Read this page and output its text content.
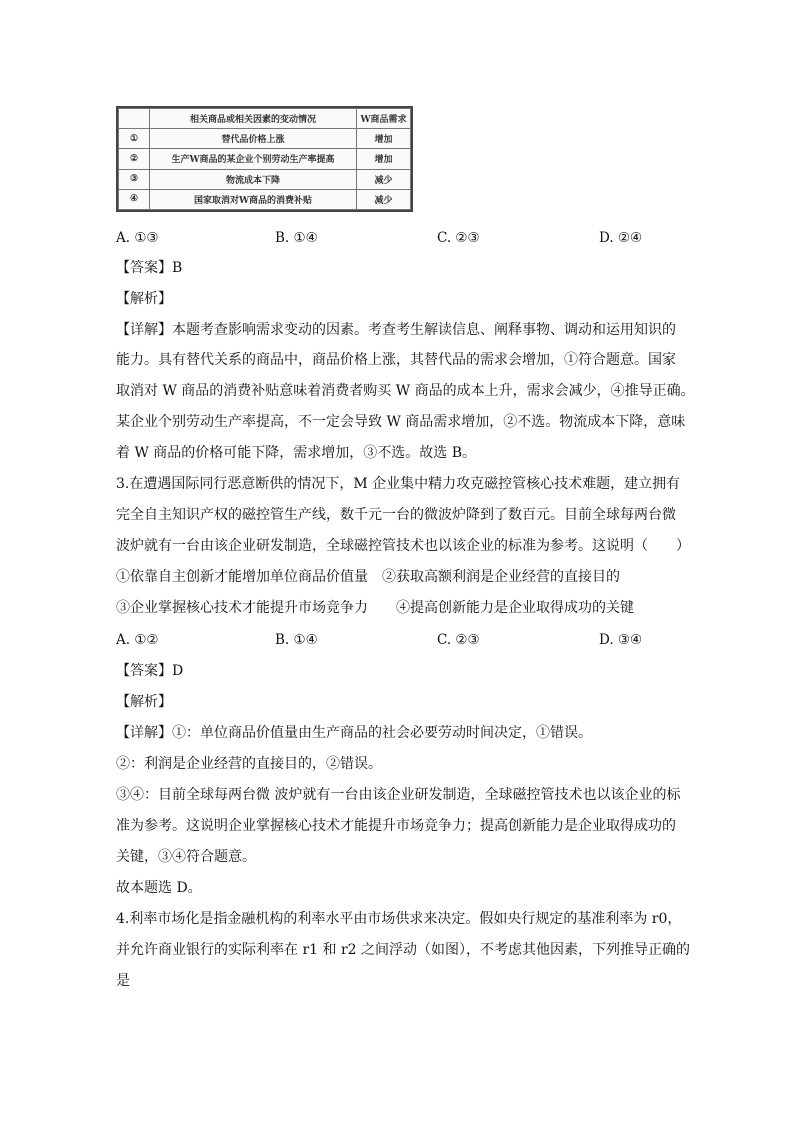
	相关商品或相关因素的变动情况	W商品需求
①	替代品价格上涨	增加
②	生产W商品的某企业个别劳动生产率提高	增加
③	物流成本下降	减少
④	国家取消对W商品的消费补贴	减少
A. ①③	B. ①④	C. ②③	D. ②④
【答案】B
【解析】
【详解】本题考查影响需求变动的因素。考查考生解读信息、阐释事物、调动和运用知识的
能力。具有替代关系的商品中，商品价格上涨，其替代品的需求会增加，①符合题意。国家
取消对 W 商品的消费补贴意味着消费者购买 W 商品的成本上升，需求会减少，④推导正确。
某企业个别劳动生产率提高，不一定会导致 W 商品需求增加，②不选。物流成本下降，意味
着 W 商品的价格可能下降，需求增加，③不选。故选 B。
3.在遭遇国际同行恶意断供的情况下，M 企业集中精力攻克磁控管核心技术难题，建立拥有
完全自主知识产权的磁控管生产线，数千元一台的微波炉降到了数百元。目前全球每两台微
波炉就有一台由该企业研发制造，全球磁控管技术也以该企业的标准为参考。这说明（　　）
①依靠自主创新才能增加单位商品价值量　②获取高额利润是企业经营的直接目的
③企业掌握核心技术才能提升市场竞争力　　④提高创新能力是企业取得成功的关键
A. ①②	B. ①④	C. ②③	D. ③④
【答案】D
【解析】
【详解】①：单位商品价值量由生产商品的社会必要劳动时间决定，①错误。
②：利润是企业经营的直接目的，②错误。
③④：目前全球每两台微 波炉就有一台由该企业研发制造，全球磁控管技术也以该企业的标
准为参考。这说明企业掌握核心技术才能提升市场竞争力；提高创新能力是企业取得成功的
关键，③④符合题意。
故本题选 D。
4.利率市场化是指金融机构的利率水平由市场供求来决定。假如央行规定的基准利率为 r0，
并允许商业银行的实际利率在 r1 和 r2 之间浮动（如图），不考虑其他因素，下列推导正确的
是
